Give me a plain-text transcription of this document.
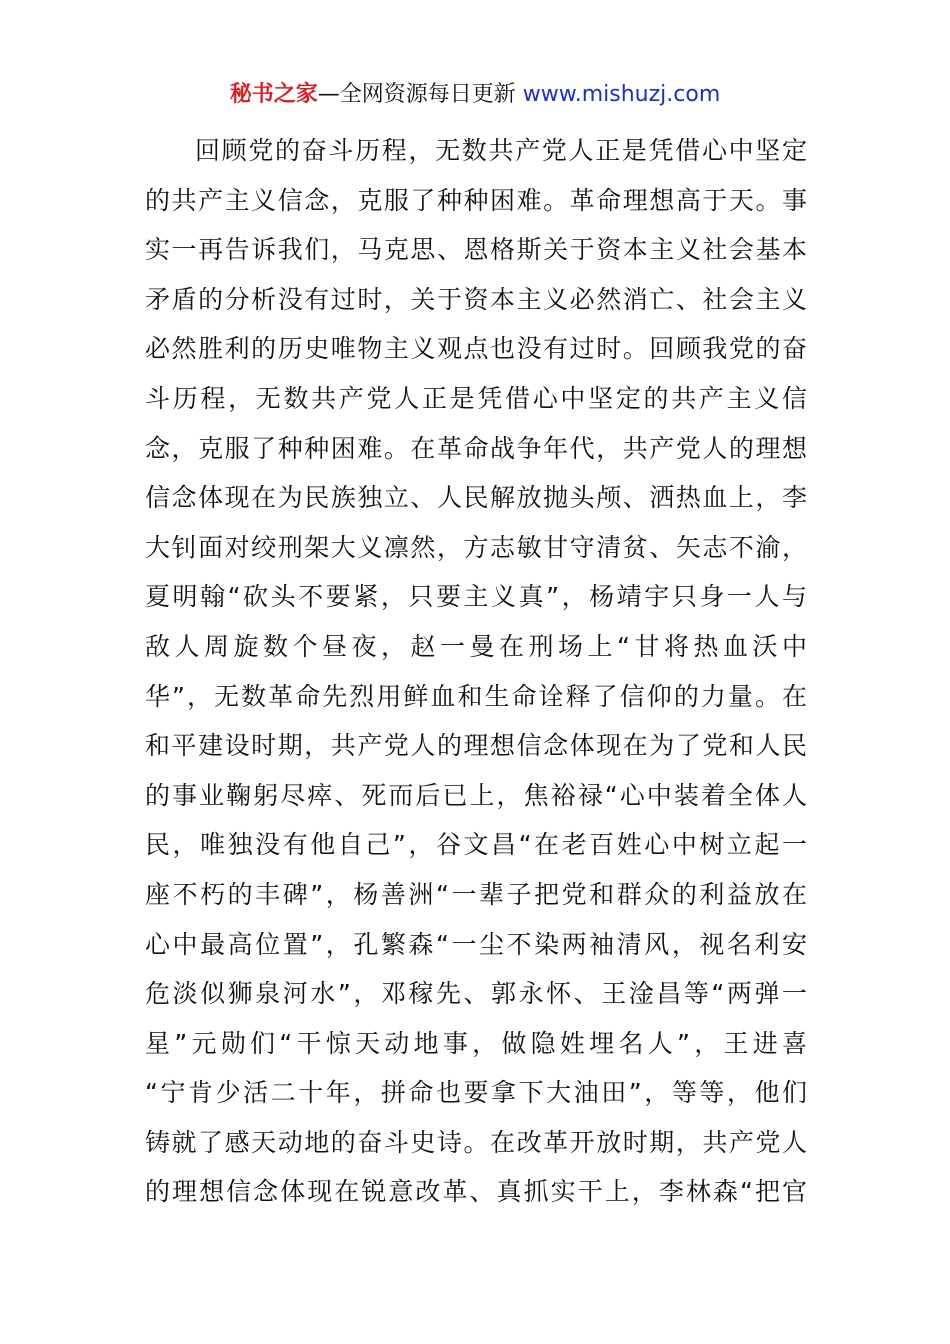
秘书之家—全网资源每日更新 www.mishuzj.com
回顾党的奋斗历程，无数共产党人正是凭借心中坚定
的共产主义信念，克服了种种困难。革命理想高于天。事
实一再告诉我们，马克思、恩格斯关于资本主义社会基本
矛盾的分析没有过时，关于资本主义必然消亡、社会主义
必然胜利的历史唯物主义观点也没有过时。回顾我党的奋
斗历程，无数共产党人正是凭借心中坚定的共产主义信
念，克服了种种困难。在革命战争年代，共产党人的理想
信念体现在为民族独立、人民解放抛头颅、洒热血上，李
大钊面对绞刑架大义凛然，方志敏甘守清贫、矢志不渝，
夏明翰“砍头不要紧，只要主义真”，杨靖宇只身一人与
敌人周旋数个昼夜，赵一曼在刑场上“甘将热血沃中
华”，无数革命先烈用鲜血和生命诠释了信仰的力量。在
和平建设时期，共产党人的理想信念体现在为了党和人民
的事业鞠躬尽瘁、死而后已上，焦裕禄“心中装着全体人
民，唯独没有他自己”，谷文昌“在老百姓心中树立起一
座不朽的丰碑”，杨善洲“一辈子把党和群众的利益放在
心中最高位置”，孔繁森“一尘不染两袖清风，视名利安
危淡似狮泉河水”，邓稼先、郭永怀、王淦昌等“两弹一
星”元勋们“干惊天动地事，做隐姓埋名人”，王进喜
“宁肯少活二十年，拼命也要拿下大油田”，等等，他们
铸就了感天动地的奋斗史诗。在改革开放时期，共产党人
的理想信念体现在锐意改革、真抓实干上，李林森“把官
